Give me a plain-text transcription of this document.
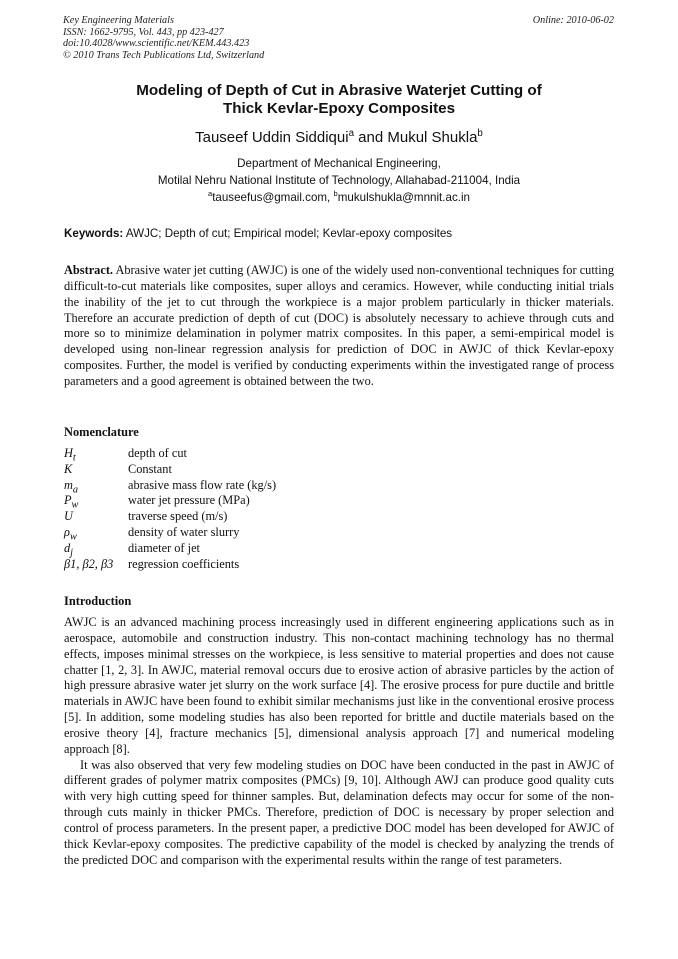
Key Engineering Materials
ISSN: 1662-9795, Vol. 443, pp 423-427
doi:10.4028/www.scientific.net/KEM.443.423
© 2010 Trans Tech Publications Ltd, Switzerland
Online: 2010-06-02
Modeling of Depth of Cut in Abrasive Waterjet Cutting of
Thick Kevlar-Epoxy Composites
Tauseef Uddin Siddiqui$^a$ and Mukul Shukla$^b$
Department of Mechanical Engineering,
Motilal Nehru National Institute of Technology, Allahabad-211004, India
$^a$tauseefus@gmail.com, $^b$mukulshukla@mnnit.ac.in
Keywords: AWJC; Depth of cut; Empirical model; Kevlar-epoxy composites

Abstract. Abrasive water jet cutting (AWJC) is one of the widely used non-conventional techniques for cutting difficult-to-cut materials like composites, super alloys and ceramics. However, while conducting initial trials the inability of the jet to cut through the workpiece is a major problem particularly in thicker materials. Therefore an accurate prediction of depth of cut (DOC) is absolutely necessary to achieve through cuts and more so to minimize delamination in polymer matrix composites. In this paper, a semi-empirical model is developed using non-linear regression analysis for prediction of DOC in AWJC of thick Kevlar-epoxy composites. Further, the model is verified by conducting experiments within the investigated range of process parameters and a good agreement is obtained between the two.

Nomenclature
$H_t$	depth of cut
K	Constant
$m_a$	abrasive mass flow rate (kg/s)
$P_w$	water jet pressure (MPa)
U	traverse speed (m/s)
$\rho_w$	density of water slurry
$d_j$	diameter of jet
β1, β2, β3	regression coefficients
Introduction

AWJC is an advanced machining process increasingly used in different engineering applications such as in aerospace, automobile and construction industry. This non-contact machining technology has no thermal effects, imposes minimal stresses on the workpiece, is less sensitive to material properties and does not cause chatter [1, 2, 3]. In AWJC, material removal occurs due to erosive action of abrasive particles by the action of high pressure abrasive water jet slurry on the work surface [4]. The erosive process for pure ductile and brittle materials in AWJC have been found to exhibit similar mechanisms just like in the conventional erosive process [5]. In addition, some modeling studies has also been reported for brittle and ductile materials based on the erosive theory [4], fracture mechanics [5], dimensional analysis approach [7] and numerical modeling approach [8].

It was also observed that very few modeling studies on DOC have been conducted in the past in AWJC of different grades of polymer matrix composites (PMCs) [9, 10]. Although AWJ can produce good quality cuts with very high cutting speed for thinner samples. But, delamination defects may occur for some of the non-through cuts mainly in thicker PMCs. Therefore, prediction of DOC is necessary by proper selection and control of process parameters. In the present paper, a predictive DOC model has been developed for AWJC of thick Kevlar-epoxy composites. The predictive capability of the model is checked by analyzing the trends of the predicted DOC and comparison with the experimental results within the range of test parameters.
